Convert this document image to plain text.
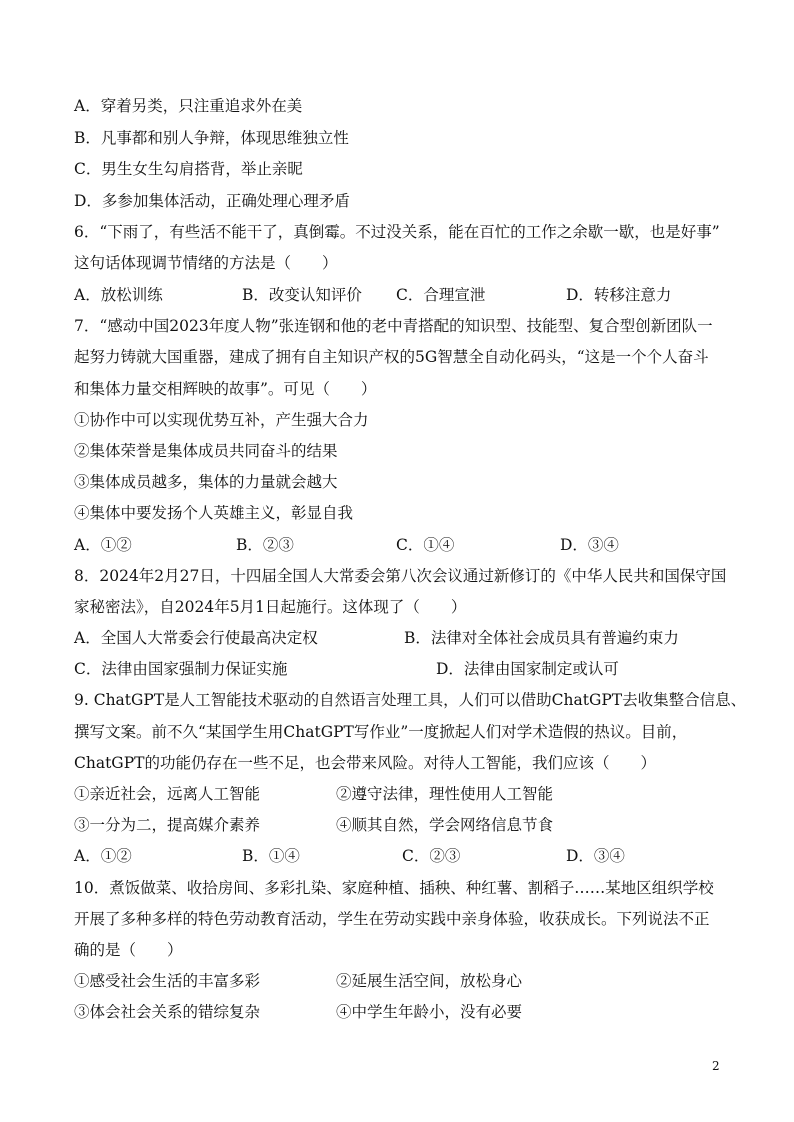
A．穿着另类，只注重追求外在美
B．凡事都和别人争辩，体现思维独立性
C．男生女生勾肩搭背，举止亲昵
D．多参加集体活动，正确处理心理矛盾
6．“下雨了，有些活不能干了，真倒霉。不过没关系，能在百忙的工作之余歇一歇，也是好事”
这句话体现调节情绪的方法是（　　）
A．放松训练	B．改变认知评价 C．合理宣泄	D．转移注意力
7．“感动中国2023年度人物”张连钢和他的老中青搭配的知识型、技能型、复合型创新团队一
起努力铸就大国重器，建成了拥有自主知识产权的5G智慧全自动化码头，“这是一个个人奋斗
和集体力量交相辉映的故事”。可见（　　）
①协作中可以实现优势互补，产生强大合力
②集体荣誉是集体成员共同奋斗的结果
③集体成员越多，集体的力量就会越大
④集体中要发扬个人英雄主义，彰显自我
A．①②	B．②③	C．①④	D．③④
8．2024年2月27日，十四届全国人大常委会第八次会议通过新修订的《中华人民共和国保守国
家秘密法》，自2024年5月1日起施行。这体现了（　　）
A．全国人大常委会行使最高决定权	B．法律对全体社会成员具有普遍约束力
C．法律由国家强制力保证实施	D．法律由国家制定或认可
9. ChatGPT是人工智能技术驱动的自然语言处理工具，人们可以借助ChatGPT去收集整合信息、
撰写文案。前不久“某国学生用ChatGPT写作业”一度掀起人们对学术造假的热议。目前，
ChatGPT的功能仍存在一些不足，也会带来风险。对待人工智能，我们应该（　　）
①亲近社会，远离人工智能	②遵守法律，理性使用人工智能
③一分为二，提高媒介素养	④顺其自然，学会网络信息节食
A．①②	B．①④	C．②③	D．③④
10．煮饭做菜、收拾房间、多彩扎染、家庭种植、插秧、种红薯、割稻子……某地区组织学校
开展了多种多样的特色劳动教育活动，学生在劳动实践中亲身体验，收获成长。下列说法不正
确的是（　　）
①感受社会生活的丰富多彩	②延展生活空间，放松身心
③体会社会关系的错综复杂	④中学生年龄小，没有必要
2
